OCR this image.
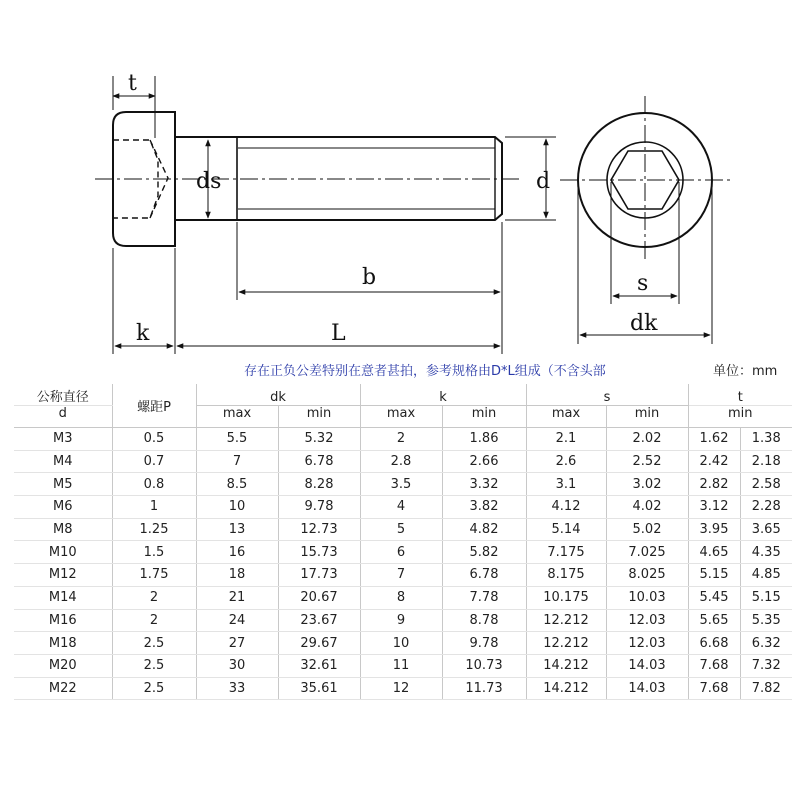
t
ds	d
b
k	L
s
dk
存在正负公差特别在意者甚拍，参考规格由D*L组成（不含头部	单位：mm
公称直径	螺距P	dk		k		s		t	
d		max	min	max	min	max	min	min	
M3	0.5	5.5	5.32	2	1.86	2.1	2.02	1.62	1.38
M4	0.7	7	6.78	2.8	2.66	2.6	2.52	2.42	2.18
M5	0.8	8.5	8.28	3.5	3.32	3.1	3.02	2.82	2.58
M6	1	10	9.78	4	3.82	4.12	4.02	3.12	2.28
M8	1.25	13	12.73	5	4.82	5.14	5.02	3.95	3.65
M10	1.5	16	15.73	6	5.82	7.175	7.025	4.65	4.35
M12	1.75	18	17.73	7	6.78	8.175	8.025	5.15	4.85
M14	2	21	20.67	8	7.78	10.175	10.03	5.45	5.15
M16	2	24	23.67	9	8.78	12.212	12.03	5.65	5.35
M18	2.5	27	29.67	10	9.78	12.212	12.03	6.68	6.32
M20	2.5	30	32.61	11	10.73	14.212	14.03	7.68	7.32
M22	2.5	33	35.61	12	11.73	14.212	14.03	7.68	7.82
